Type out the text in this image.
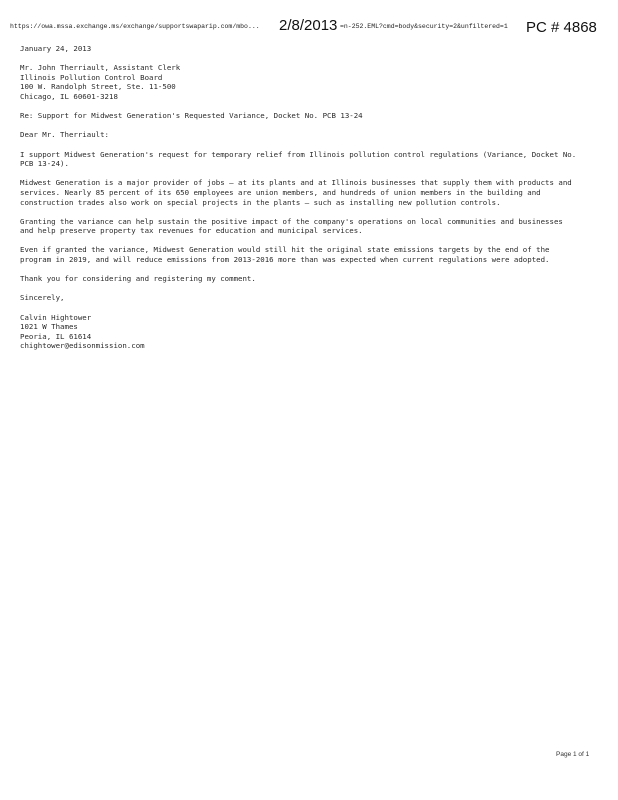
https://owa.mssa.exchange.ms/exchange/supportswaparip.com/mbo...	2/8/2013 =n-252.EML?cmd=body&security=2&unfiltered=1	PC # 4868

January 24, 2013

Mr. John Therriault, Assistant Clerk
Illinois Pollution Control Board
100 W. Randolph Street, Ste. 11-500
Chicago, IL 60601-3218

Re: Support for Midwest Generation's Requested Variance, Docket No. PCB 13-24

Dear Mr. Therriault:

I support Midwest Generation's request for temporary relief from Illinois pollution control regulations (Variance, Docket No. PCB 13-24).

Midwest Generation is a major provider of jobs – at its plants and at Illinois businesses that supply them with products and services. Nearly 85 percent of its 650 employees are union members, and hundreds of union members in the building and construction trades also work on special projects in the plants – such as installing new pollution controls.

Granting the variance can help sustain the positive impact of the company's operations on local communities and businesses and help preserve property tax revenues for education and municipal services.

Even if granted the variance, Midwest Generation would still hit the original state emissions targets by the end of the program in 2019, and will reduce emissions from 2013-2016 more than was expected when current regulations were adopted.

Thank you for considering and registering my comment.

Sincerely,

Calvin Hightower
1021 W Thames
Peoria, IL 61614
chightower@edisonmission.com
Page 1 of 1
